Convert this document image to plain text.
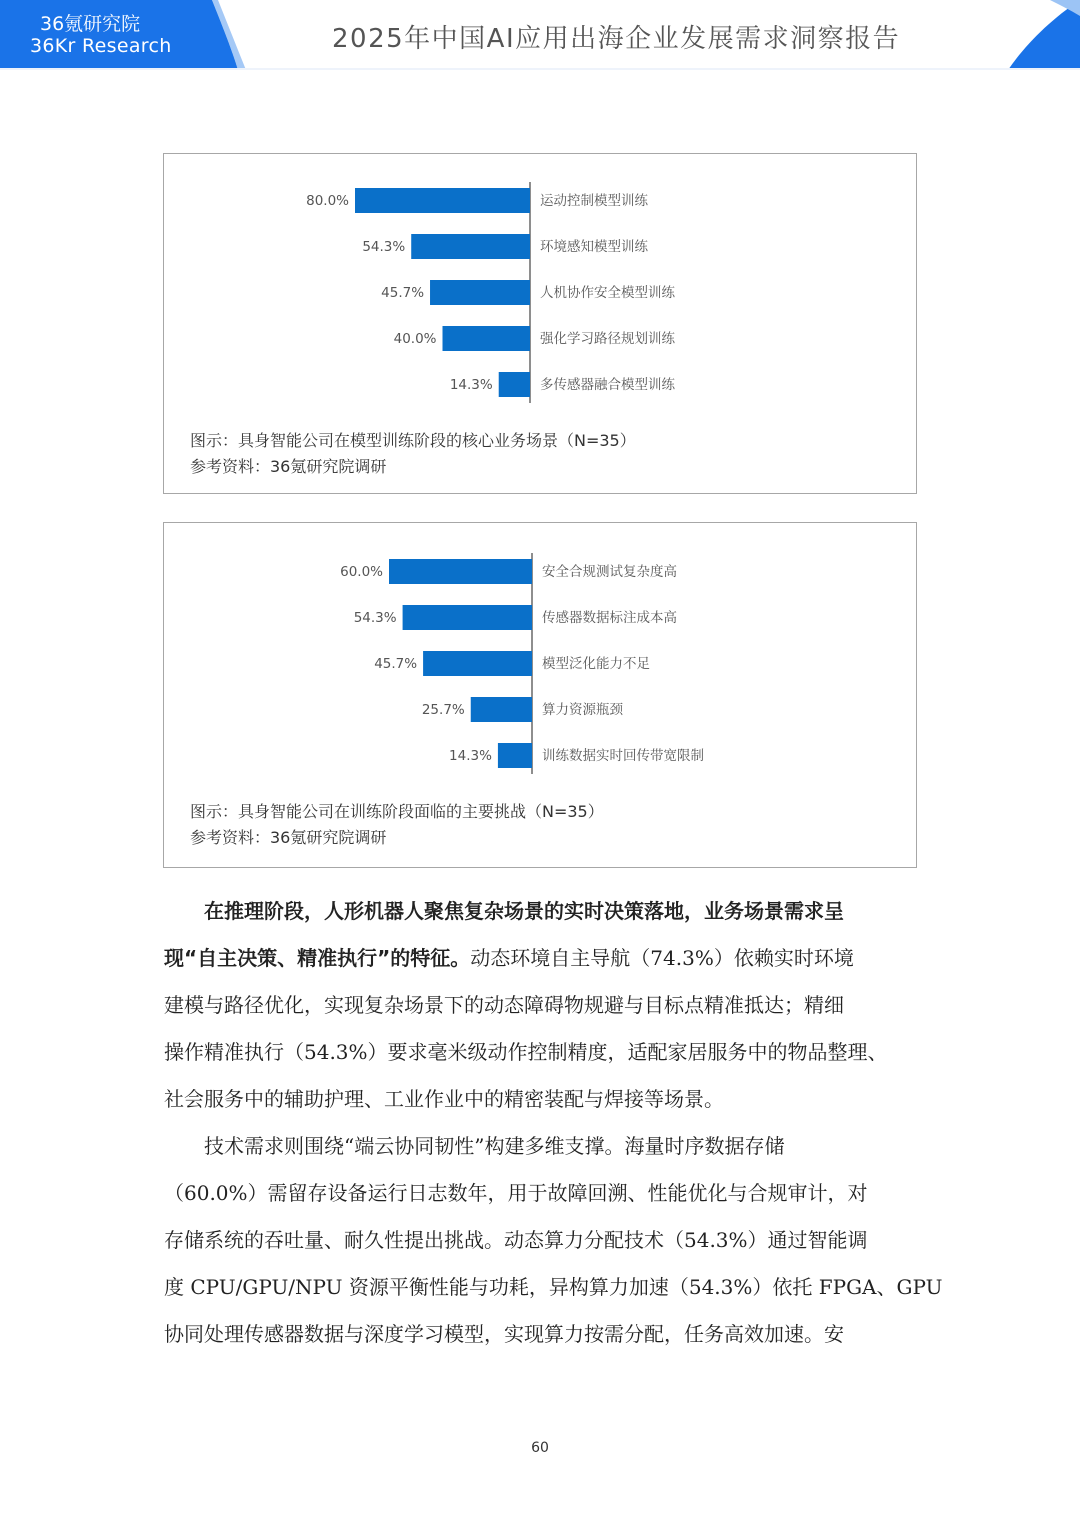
36氪研究院
36Kr Research	2025年中国AI应用出海企业发展需求洞察报告
80.0%	运动控制模型训练
54.3%	环境感知模型训练
45.7%	人机协作安全模型训练
40.0%	强化学习路径规划训练
14.3%	多传感器融合模型训练
图示：具身智能公司在模型训练阶段的核心业务场景（N=35）
参考资料：36氪研究院调研
60.0%	安全合规测试复杂度高
54.3%	传感器数据标注成本高
45.7%	模型泛化能力不足
25.7%	算力资源瓶颈
14.3%	训练数据实时回传带宽限制
图示：具身智能公司在训练阶段面临的主要挑战（N=35）
参考资料：36氪研究院调研
在推理阶段，人形机器人聚焦复杂场景的实时决策落地，业务场景需求呈
现“自主决策、精准执行”的特征。动态环境自主导航（74.3%）依赖实时环境
建模与路径优化，实现复杂场景下的动态障碍物规避与目标点精准抵达；精细
操作精准执行（54.3%）要求毫米级动作控制精度，适配家居服务中的物品整理、
社会服务中的辅助护理、工业作业中的精密装配与焊接等场景。
技术需求则围绕“端云协同韧性”构建多维支撑。海量时序数据存储
（60.0%）需留存设备运行日志数年，用于故障回溯、性能优化与合规审计，对
存储系统的吞吐量、耐久性提出挑战。动态算力分配技术（54.3%）通过智能调
度 CPU/GPU/NPU 资源平衡性能与功耗，异构算力加速（54.3%）依托 FPGA、GPU
协同处理传感器数据与深度学习模型，实现算力按需分配，任务高效加速。安
60
